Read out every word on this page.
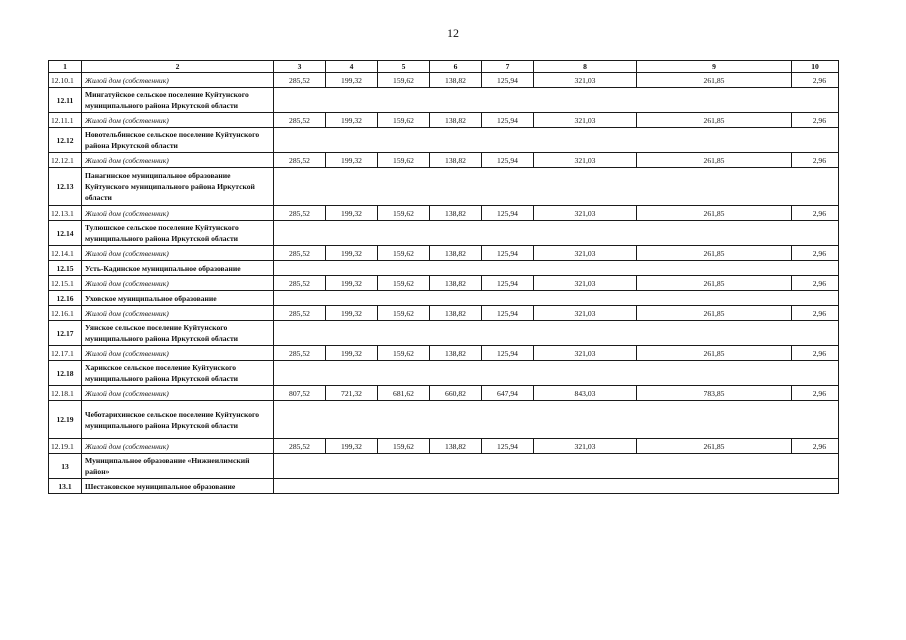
12
1	2	3	4	5	6	7	8	9	10
12.10.1	Жилой дом (собственник)	285,52	199,32	159,62	138,82	125,94	321,03	261,85	2,96
12.11	Мингатуйское сельское поселение Куйтунского муниципального района Иркутской области								
12.11.1	Жилой дом (собственник)	285,52	199,32	159,62	138,82	125,94	321,03	261,85	2,96
12.12	Новотельбинское сельское поселение Куйтунского района Иркутской области								
12.12.1	Жилой дом (собственник)	285,52	199,32	159,62	138,82	125,94	321,03	261,85	2,96
12.13	Панагинское муниципальное образование Куйтунского муниципального района Иркутской области								
12.13.1	Жилой дом (собственник)	285,52	199,32	159,62	138,82	125,94	321,03	261,85	2,96
12.14	Тулюшское сельское поселение Куйтунского муниципального района Иркутской области								
12.14.1	Жилой дом (собственник)	285,52	199,32	159,62	138,82	125,94	321,03	261,85	2,96
12.15	Усть-Кадинское муниципальное образование								
12.15.1	Жилой дом (собственник)	285,52	199,32	159,62	138,82	125,94	321,03	261,85	2,96
12.16	Уховское муниципальное образование								
12.16.1	Жилой дом (собственник)	285,52	199,32	159,62	138,82	125,94	321,03	261,85	2,96
12.17	Уянское сельское поселение Куйтунского муниципального района Иркутской области								
12.17.1	Жилой дом (собственник)	285,52	199,32	159,62	138,82	125,94	321,03	261,85	2,96
12.18	Харикское сельское поселение Куйтунского муниципального района Иркутской области								
12.18.1	Жилой дом (собственник)	807,52	721,32	681,62	660,82	647,94	843,03	783,85	2,96
12.19	Чеботарихинское сельское поселение Куйтунского муниципального района Иркутской области								
12.19.1	Жилой дом (собственник)	285,52	199,32	159,62	138,82	125,94	321,03	261,85	2,96
13	Муниципальное образование «Нижнеилимский район»								
13.1	Шестаковское муниципальное образование								
